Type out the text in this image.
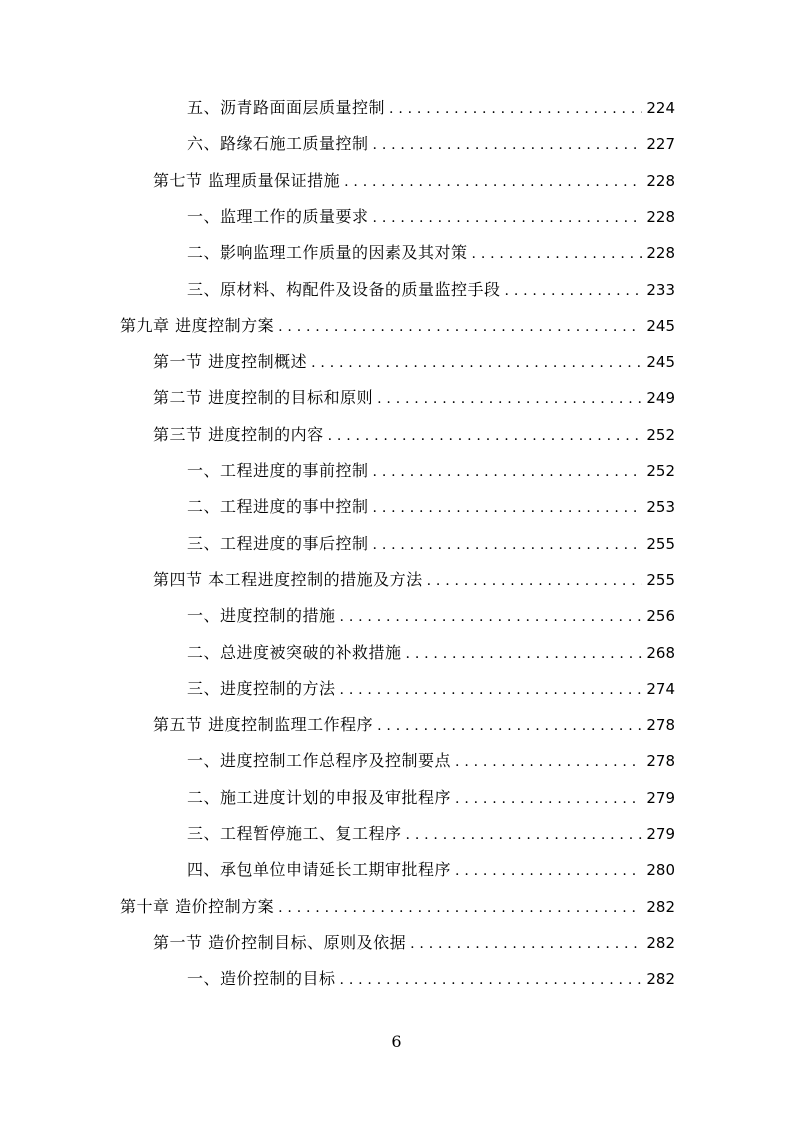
五、沥青路面面层质量控制 . . .	224
六、路缘石施工质量控制 . . .	227
第七节 监理质量保证措施 . . .	228
一、监理工作的质量要求 . . .	228
二、影响监理工作质量的因素及其对策 . . .	228
三、原材料、构配件及设备的质量监控手段 . . .	233
第九章 进度控制方案 . . .	245
第一节 进度控制概述 . . .	245
第二节 进度控制的目标和原则 . . .	249
第三节 进度控制的内容 . . .	252
一、工程进度的事前控制 . . .	252
二、工程进度的事中控制 . . .	253
三、工程进度的事后控制 . . .	255
第四节 本工程进度控制的措施及方法 . . .	255
一、进度控制的措施 . . .	256
二、总进度被突破的补救措施 . . .	268
三、进度控制的方法 . . .	274
第五节 进度控制监理工作程序 . . .	278
一、进度控制工作总程序及控制要点 . . .	278
二、施工进度计划的申报及审批程序 . . .	279
三、工程暂停施工、复工程序 . . .	279
四、承包单位申请延长工期审批程序 . . .	280
第十章 造价控制方案 . . .	282
第一节 造价控制目标、原则及依据 . . .	282
一、造价控制的目标 . . .	282
6
